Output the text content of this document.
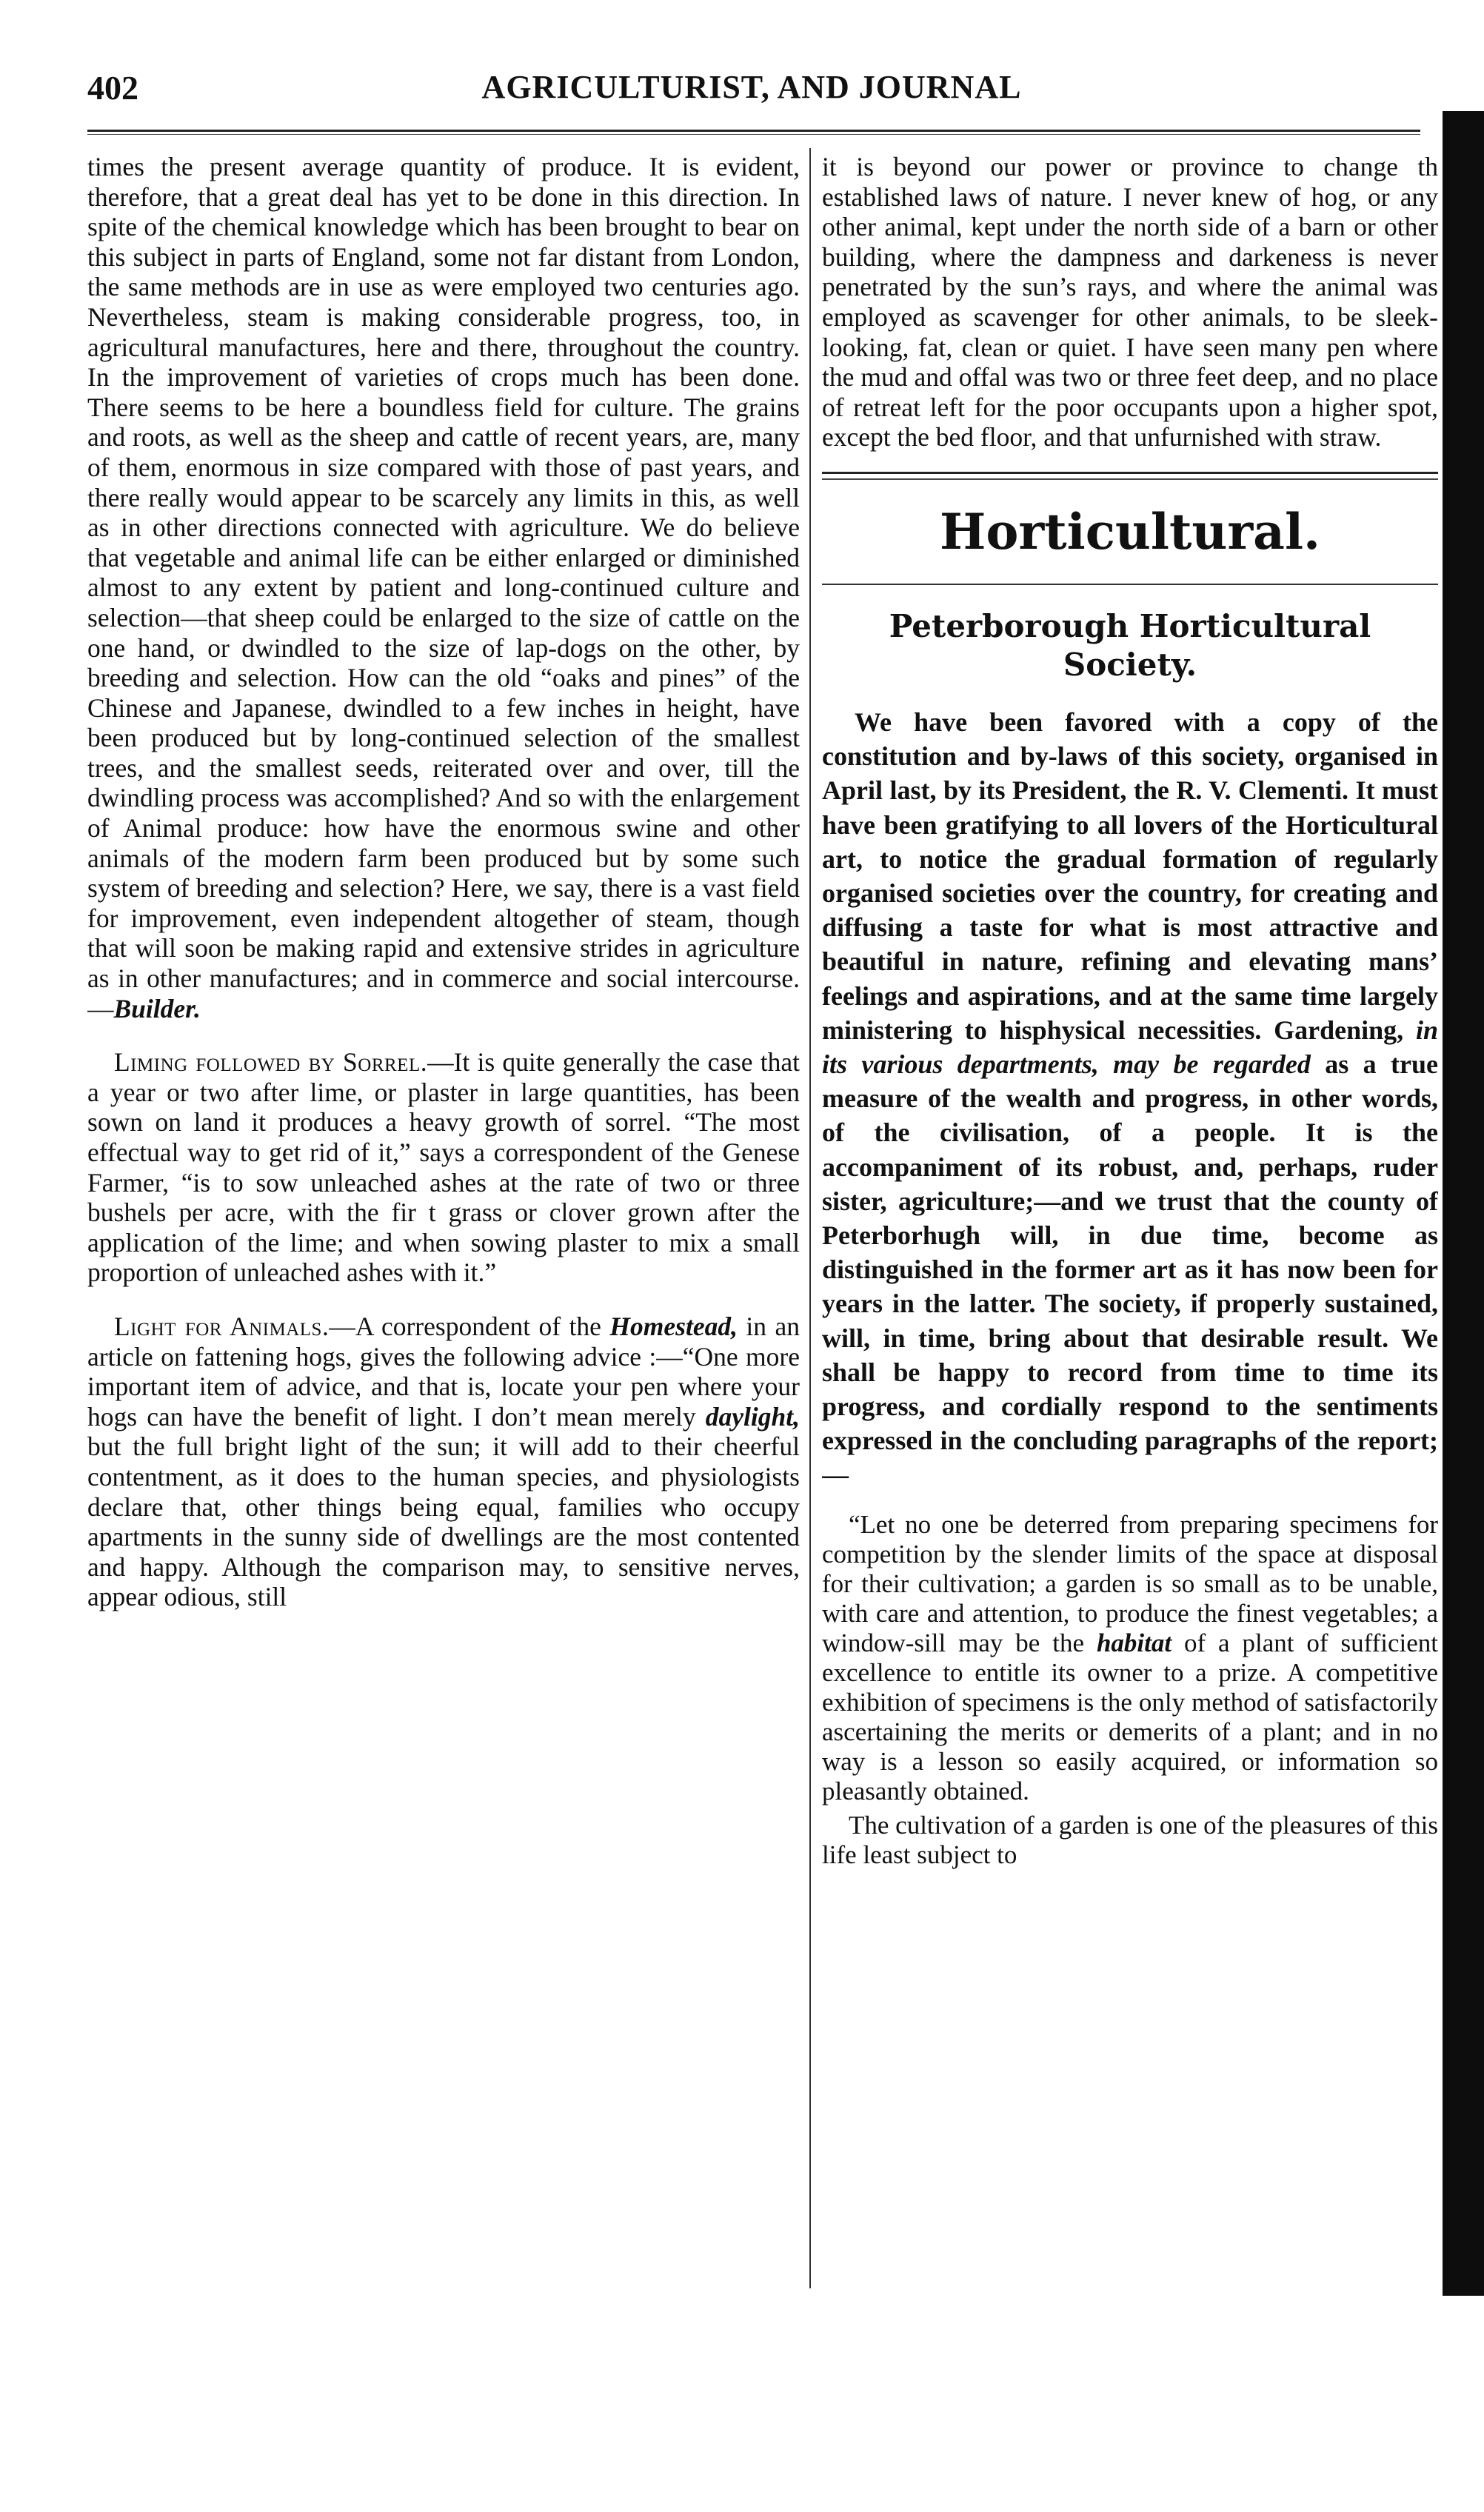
402	AGRICULTURIST, AND JOURNAL

times the present average quantity of produce. It is evident, therefore, that a great deal has yet to be done in this direction. In spite of the chemical knowledge which has been brought to bear on this subject in parts of England, some not far distant from London, the same methods are in use as were employed two centuries ago. Nevertheless, steam is making considerable progress, too, in agricultural manufactures, here and there, throughout the country. In the improvement of varieties of crops much has been done. There seems to be here a boundless field for culture. The grains and roots, as well as the sheep and cattle of recent years, are, many of them, enormous in size compared with those of past years, and there really would appear to be scarcely any limits in this, as well as in other directions connected with agriculture. We do believe that vegetable and animal life can be either enlarged or diminished almost to any extent by patient and long-continued culture and selection—that sheep could be enlarged to the size of cattle on the one hand, or dwindled to the size of lap-dogs on the other, by breeding and selection. How can the old “oaks and pines” of the Chinese and Japanese, dwindled to a few inches in height, have been produced but by long-continued selection of the smallest trees, and the smallest seeds, reiterated over and over, till the dwindling process was accomplished? And so with the enlargement of Animal produce: how have the enormous swine and other animals of the modern farm been produced but by some such system of breeding and selection? Here, we say, there is a vast field for improvement, even independent altogether of steam, though that will soon be making rapid and extensive strides in agriculture as in other manufactures; and in commerce and social intercourse.—Builder.

Liming followed by Sorrel.—It is quite generally the case that a year or two after lime, or plaster in large quantities, has been sown on land it produces a heavy growth of sorrel. “The most effectual way to get rid of it,” says a correspondent of the Genese Farmer, “is to sow unleached ashes at the rate of two or three bushels per acre, with the fir t grass or clover grown after the application of the lime; and when sowing plaster to mix a small proportion of unleached ashes with it.”

Light for Animals.—A correspondent of the Homestead, in an article on fattening hogs, gives the following advice :—“One more important item of advice, and that is, locate your pen where your hogs can have the benefit of light. I don’t mean merely daylight, but the full bright light of the sun; it will add to their cheerful contentment, as it does to the human species, and physiologists declare that, other things being equal, families who occupy apartments in the sunny side of dwellings are the most contented and happy. Although the comparison may, to sensitive nerves, appear odious, still

it is beyond our power or province to change th established laws of nature. I never knew of hog, or any other animal, kept under the north side of a barn or other building, where the dampness and darkeness is never penetrated by the sun’s rays, and where the animal was employed as scavenger for other animals, to be sleek-looking, fat, clean or quiet. I have seen many pen where the mud and offal was two or three feet deep, and no place of retreat left for the poor occupants upon a higher spot, except the bed floor, and that unfurnished with straw.

Horticultural.
Peterborough Horticultural Society.

We have been favored with a copy of the constitution and by-laws of this society, organised in April last, by its President, the R. V. Clementi. It must have been gratifying to all lovers of the Horticultural art, to notice the gradual formation of regularly organised societies over the country, for creating and diffusing a taste for what is most attractive and beautiful in nature, refining and elevating mans’ feelings and aspirations, and at the same time largely ministering to hisphysical necessities. Gardening, in its various departments, may be regarded as a true measure of the wealth and progress, in other words, of the civilisation, of a people. It is the accompaniment of its robust, and, perhaps, ruder sister, agriculture;—and we trust that the county of Peterborhugh will, in due time, become as distinguished in the former art as it has now been for years in the latter. The society, if properly sustained, will, in time, bring about that desirable result. We shall be happy to record from time to time its progress, and cordially respond to the sentiments expressed in the concluding paragraphs of the report;—

“Let no one be deterred from preparing specimens for competition by the slender limits of the space at disposal for their cultivation; a garden is so small as to be unable, with care and attention, to produce the finest vegetables; a window-sill may be the habitat of a plant of sufficient excellence to entitle its owner to a prize. A competitive exhibition of specimens is the only method of satisfactorily ascertaining the merits or demerits of a plant; and in no way is a lesson so easily acquired, or information so pleasantly obtained.

The cultivation of a garden is one of the pleasures of this life least subject to
